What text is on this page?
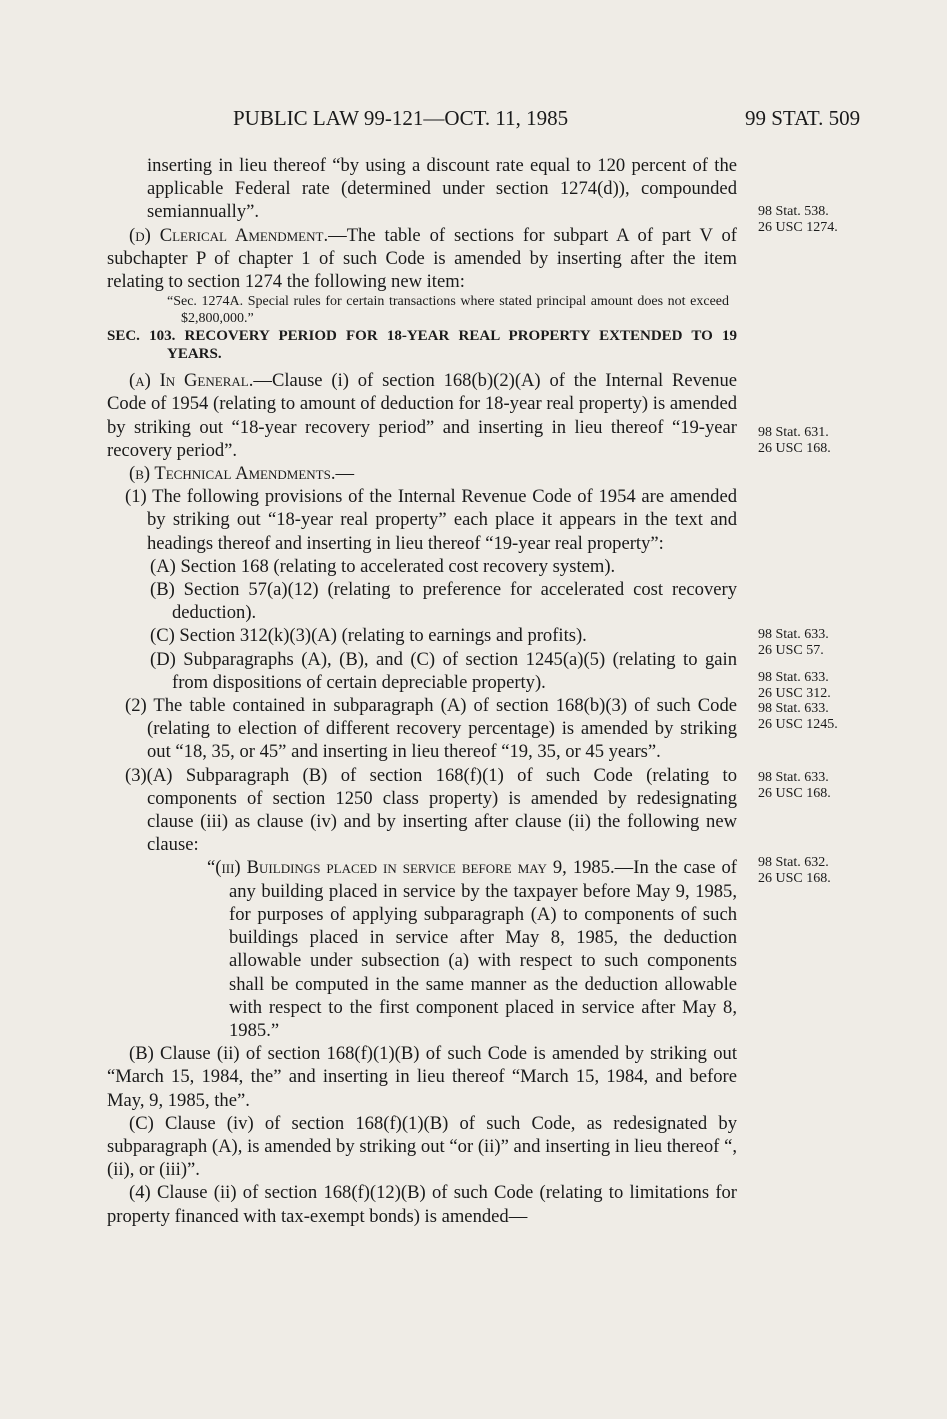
PUBLIC LAW 99-121—OCT. 11, 1985	99 STAT. 509

inserting in lieu thereof “by using a discount rate equal to 120 percent of the applicable Federal rate (determined under section 1274(d)), compounded semiannually”.

(d) Clerical Amendment.—The table of sections for subpart A of part V of subchapter P of chapter 1 of such Code is amended by inserting after the item relating to section 1274 the following new item:

“Sec. 1274A. Special rules for certain transactions where stated principal amount does not exceed $2,800,000.”

SEC. 103. RECOVERY PERIOD FOR 18-YEAR REAL PROPERTY EXTENDED TO 19 YEARS.

(a) In General.—Clause (i) of section 168(b)(2)(A) of the Internal Revenue Code of 1954 (relating to amount of deduction for 18-year real property) is amended by striking out “18-year recovery period” and inserting in lieu thereof “19-year recovery period”.

(b) Technical Amendments.—

(1) The following provisions of the Internal Revenue Code of 1954 are amended by striking out “18-year real property” each place it appears in the text and headings thereof and inserting in lieu thereof “19-year real property”:

(A) Section 168 (relating to accelerated cost recovery system).

(B) Section 57(a)(12) (relating to preference for accelerated cost recovery deduction).

(C) Section 312(k)(3)(A) (relating to earnings and profits).

(D) Subparagraphs (A), (B), and (C) of section 1245(a)(5) (relating to gain from dispositions of certain depreciable property).

(2) The table contained in subparagraph (A) of section 168(b)(3) of such Code (relating to election of different recovery percentage) is amended by striking out “18, 35, or 45” and inserting in lieu thereof “19, 35, or 45 years”.

(3)(A) Subparagraph (B) of section 168(f)(1) of such Code (relating to components of section 1250 class property) is amended by redesignating clause (iii) as clause (iv) and by inserting after clause (ii) the following new clause:

“(iii) Buildings placed in service before may 9, 1985.—In the case of any building placed in service by the taxpayer before May 9, 1985, for purposes of applying subparagraph (A) to components of such buildings placed in service after May 8, 1985, the deduction allowable under subsection (a) with respect to such components shall be computed in the same manner as the deduction allowable with respect to the first component placed in service after May 8, 1985.”

(B) Clause (ii) of section 168(f)(1)(B) of such Code is amended by striking out “March 15, 1984, the” and inserting in lieu thereof “March 15, 1984, and before May, 9, 1985, the”.

(C) Clause (iv) of section 168(f)(1)(B) of such Code, as redesignated by subparagraph (A), is amended by striking out “or (ii)” and inserting in lieu thereof “, (ii), or (iii)”.

(4) Clause (ii) of section 168(f)(12)(B) of such Code (relating to limitations for property financed with tax-exempt bonds) is amended—

98 Stat. 538.
26 USC 1274.
98 Stat. 631.
26 USC 168.
98 Stat. 633.
26 USC 57.
98 Stat. 633.
26 USC 312.
98 Stat. 633.
26 USC 1245.
98 Stat. 633.
26 USC 168.
98 Stat. 632.
26 USC 168.
